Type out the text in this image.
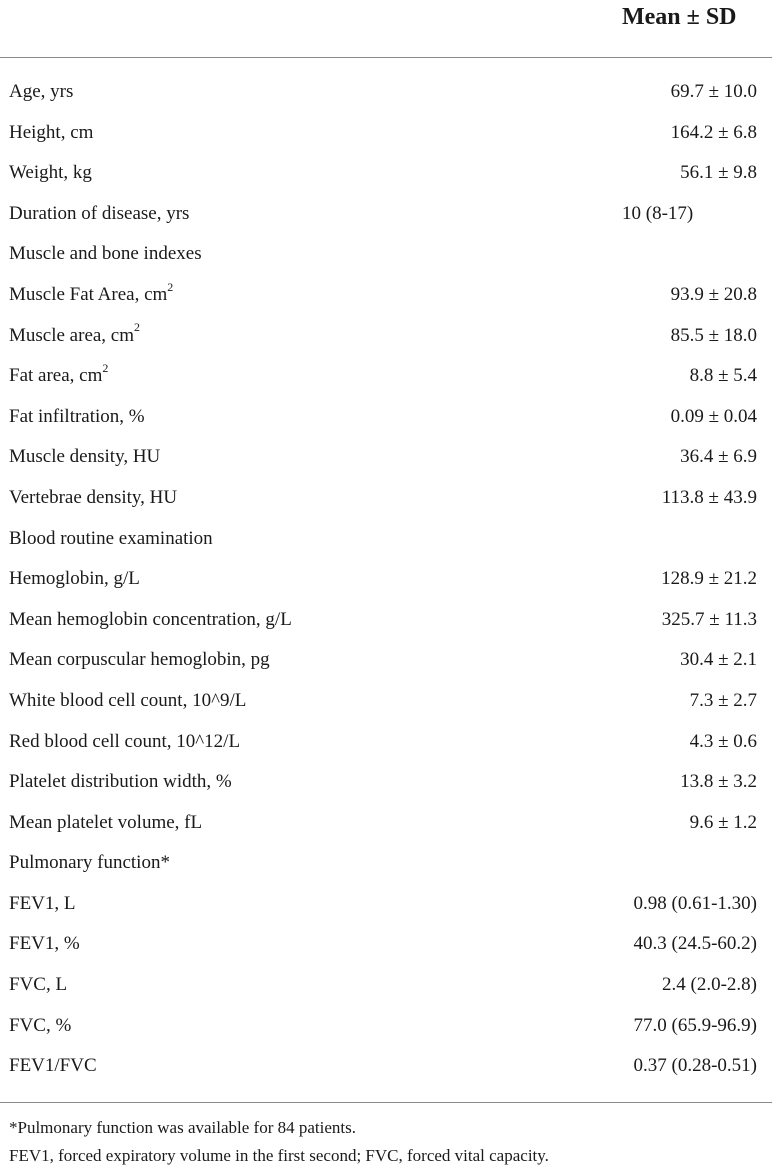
Mean ± SD
Age, yrs	69.7 ± 10.0
Height, cm	164.2 ± 6.8
Weight, kg	56.1 ± 9.8
Duration of disease, yrs	10 (8-17)
Muscle and bone indexes
Muscle Fat Area, $cm^2$	93.9 ± 20.8
Muscle area, $cm^2$	85.5 ± 18.0
Fat area, $cm^2$	8.8 ± 5.4
Fat infiltration, %	0.09 ± 0.04
Muscle density, HU	36.4 ± 6.9
Vertebrae density, HU	113.8 ± 43.9
Blood routine examination
Hemoglobin, g/L	128.9 ± 21.2
Mean hemoglobin concentration, g/L	325.7 ± 11.3
Mean corpuscular hemoglobin, pg	30.4 ± 2.1
White blood cell count, 10^9/L	7.3 ± 2.7
Red blood cell count, 10^12/L	4.3 ± 0.6
Platelet distribution width, %	13.8 ± 3.2
Mean platelet volume, fL	9.6 ± 1.2
Pulmonary function*
FEV1, L	0.98 (0.61-1.30)
FEV1, %	40.3 (24.5-60.2)
FVC, L	2.4 (2.0-2.8)
FVC, %	77.0 (65.9-96.9)
FEV1/FVC	0.37 (0.28-0.51)
*Pulmonary function was available for 84 patients.
FEV1, forced expiratory volume in the first second; FVC, forced vital capacity.
